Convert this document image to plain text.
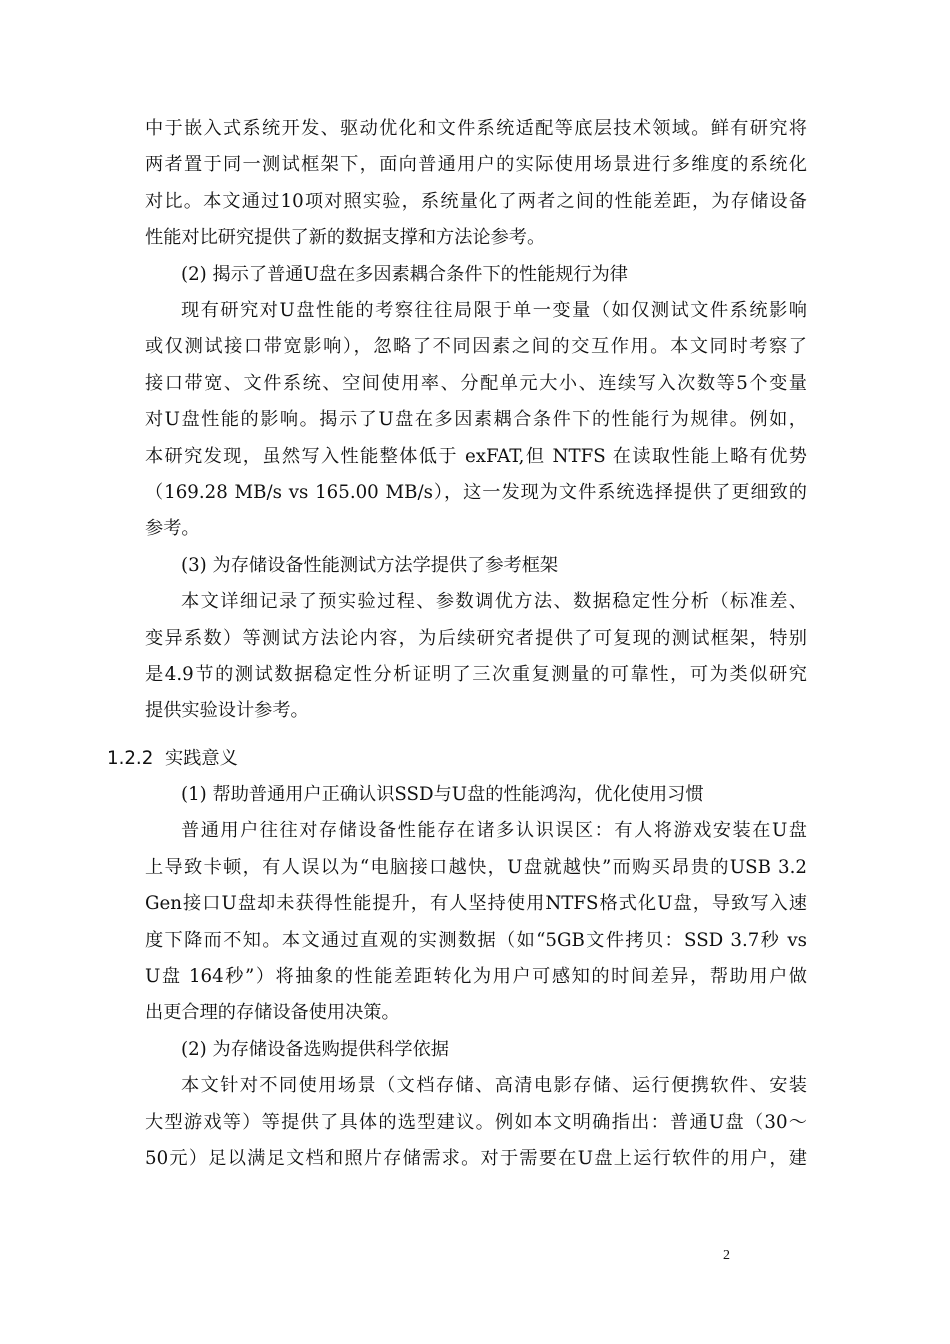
中于嵌入式系统开发、驱动优化和文件系统适配等底层技术领域。鲜有研究将
两者置于同一测试框架下，面向普通用户的实际使用场景进行多维度的系统化
对比。本文通过10项对照实验，系统量化了两者之间的性能差距，为存储设备
性能对比研究提供了新的数据支撑和方法论参考。
(2) 揭示了普通U盘在多因素耦合条件下的性能规行为律
现有研究对U盘性能的考察往往局限于单一变量（如仅测试文件系统影响
或仅测试接口带宽影响），忽略了不同因素之间的交互作用。本文同时考察了
接口带宽、文件系统、空间使用率、分配单元大小、连续写入次数等5个变量
对U盘性能的影响。揭示了U盘在多因素耦合条件下的性能行为规律。例如，
本研究发现，虽然写入性能整体低于 exFAT,但 NTFS 在读取性能上略有优势
（169.28 MB/s vs 165.00 MB/s），这一发现为文件系统选择提供了更细致的
参考。
(3) 为存储设备性能测试方法学提供了参考框架
本文详细记录了预实验过程、参数调优方法、数据稳定性分析（标准差、
变异系数）等测试方法论内容，为后续研究者提供了可复现的测试框架，特别
是4.9节的测试数据稳定性分析证明了三次重复测量的可靠性，可为类似研究
提供实验设计参考。
1.2.2 实践意义
(1) 帮助普通用户正确认识SSD与U盘的性能鸿沟，优化使用习惯
普通用户往往对存储设备性能存在诸多认识误区：有人将游戏安装在U盘
上导致卡顿，有人误以为“电脑接口越快，U盘就越快”而购买昂贵的USB 3.2
Gen接口U盘却未获得性能提升，有人坚持使用NTFS格式化U盘，导致写入速
度下降而不知。本文通过直观的实测数据（如“5GB文件拷贝：SSD 3.7秒 vs
U盘 164秒”）将抽象的性能差距转化为用户可感知的时间差异，帮助用户做
出更合理的存储设备使用决策。
(2) 为存储设备选购提供科学依据
本文针对不同使用场景（文档存储、高清电影存储、运行便携软件、安装
大型游戏等）等提供了具体的选型建议。例如本文明确指出：普通U盘（30～
50元）足以满足文档和照片存储需求。对于需要在U盘上运行软件的用户，建
2
